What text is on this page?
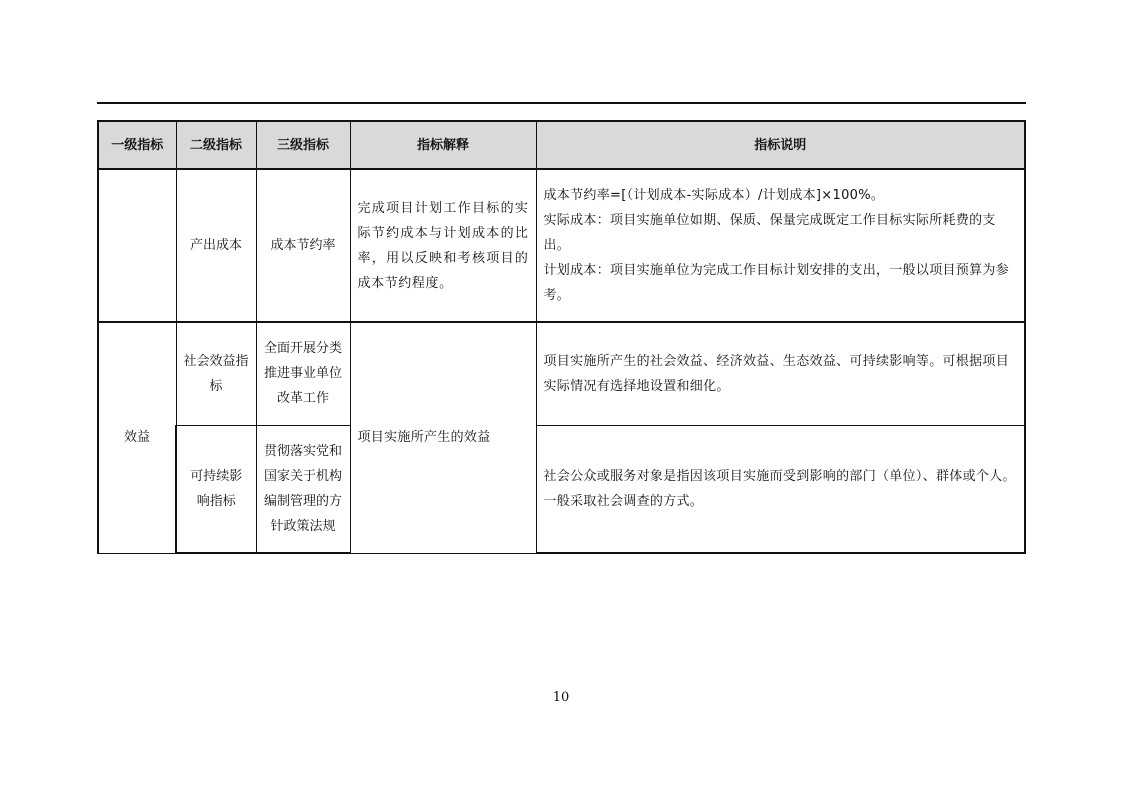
一级指标	二级指标	三级指标	指标解释	指标说明
	产出成本	成本节约率	完成项目计划工作目标的实际节约成本与计划成本的比率，用以反映和考核项目的成本节约程度。	成本节约率=[（计划成本-实际成本）/计划成本]×100%。
实际成本：项目实施单位如期、保质、保量完成既定工作目标实际所耗费的支出。
计划成本：项目实施单位为完成工作目标计划安排的支出，一般以项目预算为参考。

效益	社会效益指标	全面开展分类推进事业单位改革工作	项目实施所产生的效益	项目实施所产生的社会效益、经济效益、生态效益、可持续影响等。可根据项目实际情况有选择地设置和细化。
	可持续影响指标	贯彻落实党和国家关于机构编制管理的方针政策法规		社会公众或服务对象是指因该项目实施而受到影响的部门（单位）、群体或个人。一般采取社会调查的方式。
10
